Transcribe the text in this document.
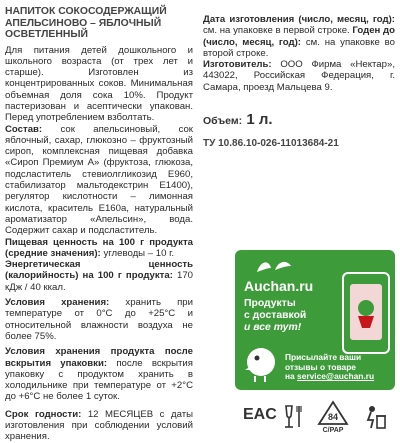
НАПИТОК СОКОСОДЕРЖАЩИЙ АПЕЛЬСИНОВО – ЯБЛОЧНЫЙ ОСВЕТЛЕННЫЙ

Для питания детей дошкольного и школьного возраста (от трех лет и старше). Изготовлен из концентрированных соков. Минимальная объемная доля сока 10%. Продукт пастеризован и асептически упакован. Перед употреблением взболтать.

Состав: сок апельсиновый, сок яблочный, сахар, глюкозно – фруктозный сироп, комплексная пищевая добавка «Сироп Премиум А» (фруктоза, глюкоза, подсластитель стевиолгликозид Е960, стабилизатор мальтодекстрин Е1400), регулятор кислотности – лимонная кислота, краситель Е160а, натуральный ароматизатор «Апельсин», вода. Содержит сахар и подсластитель.

Пищевая ценность на 100 г продукта (средние значения): углеводы – 10 г.

Энергетическая ценность (калорийность) на 100 г продукта: 170 кДж / 40 ккал.

Условия хранения: хранить при температуре от 0°С до +25°С и относительной влажности воздуха не более 75%.

Условия хранения продукта после вскрытия упаковки: после вскрытия упаковку с продуктом хранить в холодильнике при температуре от +2°С до +6°С не более 1 суток.

Срок годности: 12 МЕСЯЦЕВ с даты изготовления при соблюдении условий хранения.

Дата изготовления (число, месяц, год): см. на упаковке в первой строке. Годен до (число, месяц, год): см. на упаковке во второй строке.

Изготовитель: ООО Фирма «Нектар», 443022, Российская Федерация, г. Самара, проезд Мальцева 9.

Объем: 1 л.

ТУ 10.86.10-026-11013684-21

Auchan.ru
Продукты
с доставкой
и все тут!
Присылайте ваши
отзывы о товаре
на service@auchan.ru
EAC	84
C/PAP
